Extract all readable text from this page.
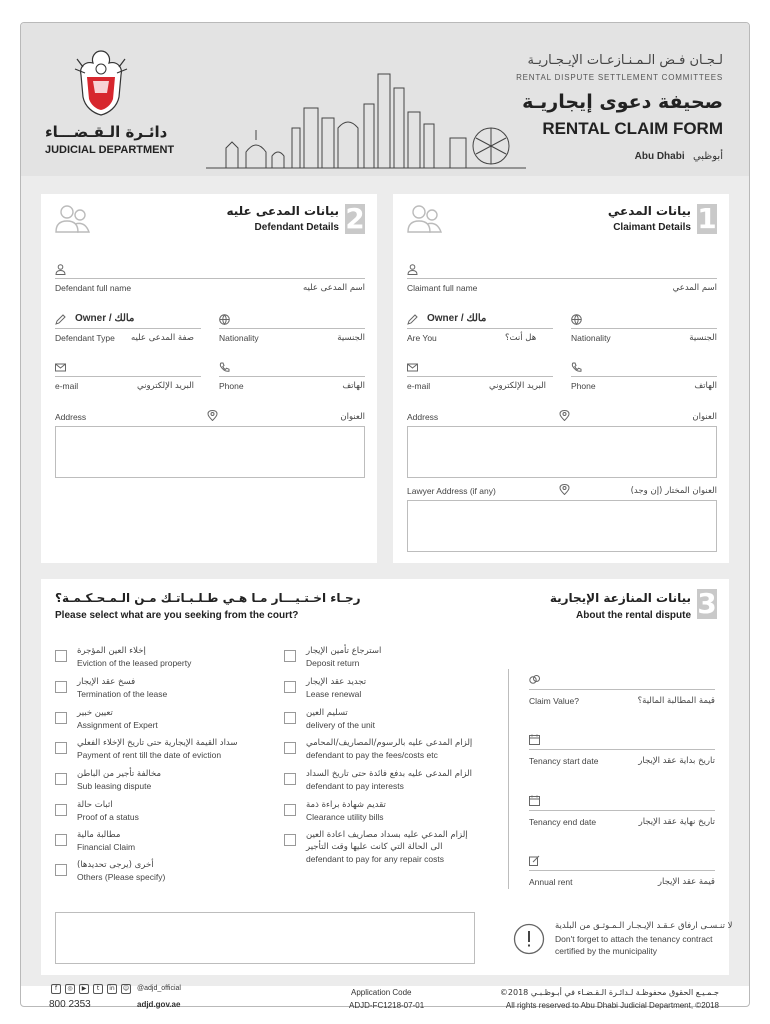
دائـرة الـقـضـــاء
JUDICIAL DEPARTMENT
لـجـان فـض الـمـنـازعـات الإيـجـاريـة
RENTAL DISPUTE SETTLEMENT COMMITTEES
صحيفة دعوى إيجاريـة
RENTAL CLAIM FORM
Abu Dhabi أبوظبي
2
بيانات المدعى عليه
Defendant Details
Defendant full name	اسم المدعى عليه
Owner / مالك
Defendant Type صفة المدعى عليه	Nationality	الجنسية
e-mail	البريد الإلكتروني	Phone	الهاتف
Address	العنوان
1
بيانات المدعي
Claimant Details
Claimant full name	اسم المدعي
Owner / مالك
Are You	هل أنت؟	Nationality	الجنسية
e-mail	البريد الإلكتروني	Phone	الهاتف
Address	العنوان
Lawyer Address (if any)	العنوان المختار (إن وجد)
3
بيانات المنازعة الإيجارية
About the rental dispute
رجـاء اخـتـيـــار مـا هـي طـلـبـاتـك مـن الـمـحـكـمـة؟
Please select what are you seeking from the court?
إخلاء العين المؤجرة
Eviction of the leased property
فسخ عقد الإيجار
Termination of the lease
تعيين خبير
Assignment of Expert
سداد القيمة الإيجارية حتى تاريخ الإخلاء الفعلي
Payment of rent till the date of eviction
مخالفة تأجير من الباطن
Sub leasing dispute
اثبات حالة
Proof of a status
مطالبة مالية
Financial Claim
أخرى (يرجى تحديدها)
Others (Please specify)
استرجاع تأمين الإيجار
Deposit return
تجديد عقد الإيجار
Lease renewal
تسليم العين
delivery of the unit
إلزام المدعى عليه بالرسوم/المصاريف/المحامي
defendant to pay the fees/costs etc
الزام المدعى عليه بدفع فائدة حتى تاريخ السداد
defendant to pay interests
تقديم شهادة براءة ذمة
Clearance utility bills
إلزام المدعي عليه بسداد مصاريف اعادة العين
الى الحالة التي كانت عليها وقت التأجير
defendant to pay for any repair costs
Claim Value?	قيمة المطالبة المالية؟
Tenancy start date	تاريخ بداية عقد الإيجار
Tenancy end date	تاريخ نهاية عقد الإيجار
Annual rent	قيمة عقد الإيجار
لا تنـسـى ارفاق عـقـد الإيـجـار الـمـوثـق من البلدية
Don't forget to attach the tenancy contract
certified by the municipality
f	◎	▶	t	in	☺ @adjd_official
800 2353	adjd.gov.ae
Application Code
ADJD-FC1218-07-01
©2018 جـمـيـع الحقوق محفوظـة لـدائـرة الـقـضـاء في أبـوظـبـي
All rights reserved to Abu Dhabi Judicial Department, ©2018
